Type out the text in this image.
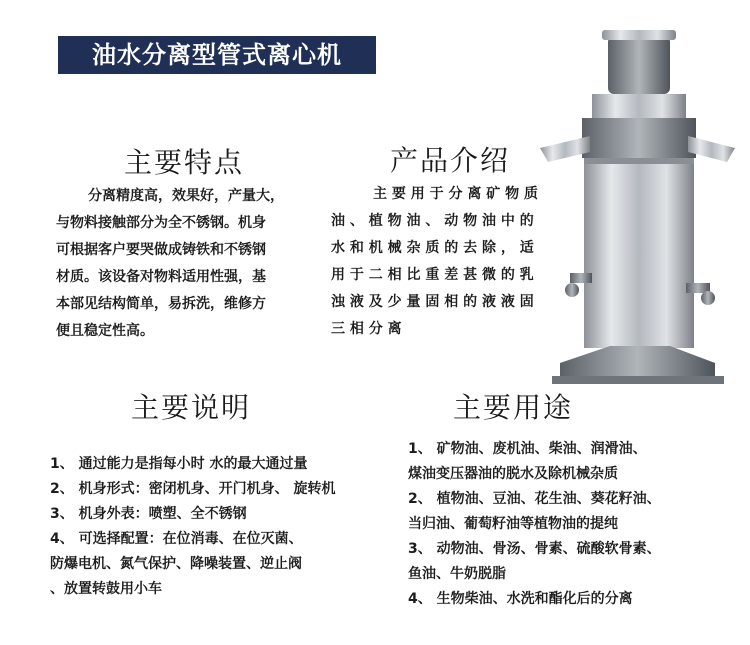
油水分离型管式离心机
主要特点
分离精度高，效果好，产量大，
与物料接触部分为全不锈钢。机身
可根据客户要哭做成铸铁和不锈钢
材质。该设备对物料适用性强，基
本部见结构简单，易拆洗，维修方
便且稳定性高。
产品介绍
主 要 用 于 分 离 矿 物 质
油 、 植 物 油 、 动 物 油 中 的
水 和 机 械 杂 质 的 去 除 ， 适
用 于 二 相 比 重 差 甚 微 的 乳
浊 液 及 少 量 固 相 的 液 液 固
三 相 分 离
主要说明
1、 通过能力是指每小时 水的最大通过量
2、 机身形式：密闭机身、开门机身、 旋转机
3、 机身外表：喷塑、全不锈钢
4、 可选择配置：在位消毒、在位灭菌、
防爆电机、氮气保护、降噪装置、逆止阀
、放置转鼓用小车
主要用途
1、 矿物油、废机油、柴油、润滑油、
煤油变压器油的脱水及除机械杂质
2、 植物油、豆油、花生油、葵花籽油、
当归油、葡萄籽油等植物油的提纯
3、 动物油、骨汤、骨素、硫酸软骨素、
鱼油、牛奶脱脂
4、 生物柴油、水洗和酯化后的分离
